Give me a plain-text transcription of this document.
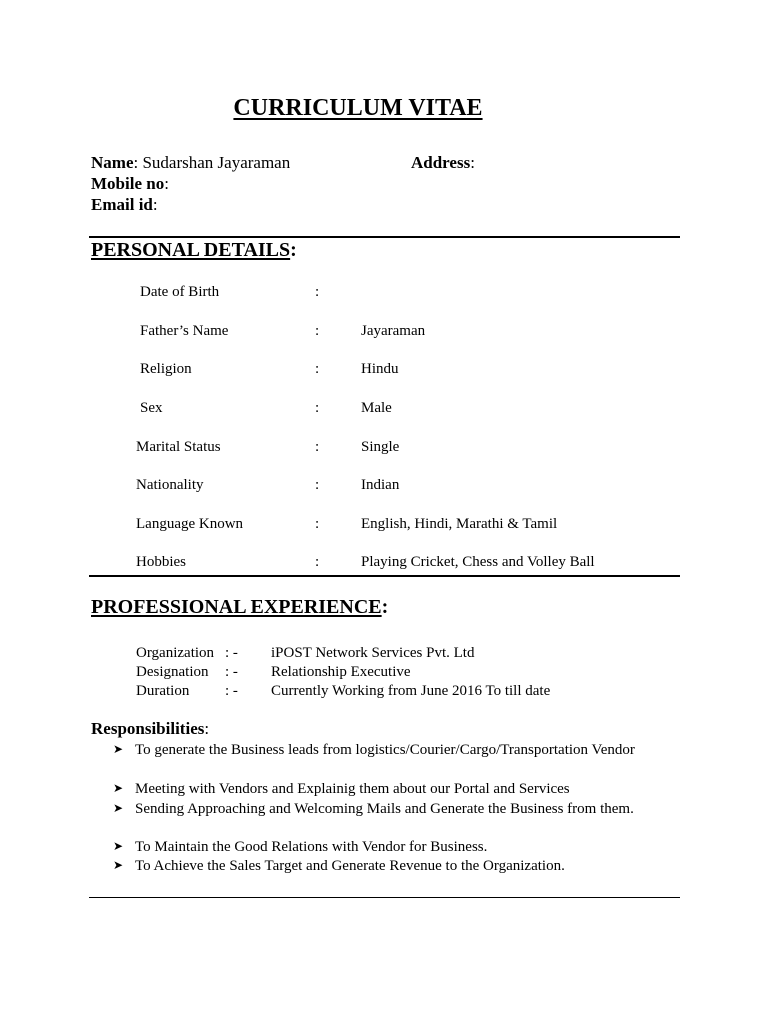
CURRICULUM VITAE
Name: Sudarshan Jayaraman	Address:
Mobile no:
Email id:
PERSONAL DETAILS:
Date of Birth	:
Father’s Name	:	Jayaraman
Religion	:	Hindu
Sex	:	Male
Marital Status	:	Single
Nationality	:	Indian
Language Known	:	English, Hindi, Marathi & Tamil
Hobbies	:	Playing Cricket, Chess and Volley Ball
PROFESSIONAL EXPERIENCE:
Organization : - iPOST Network Services Pvt. Ltd
Designation : - Relationship Executive
Duration : - Currently Working from June 2016 To till date
Responsibilities:
➤ To generate the Business leads from logistics/Courier/Cargo/Transportation Vendor
➤ Meeting with Vendors and Explainig them about our Portal and Services
➤ Sending Approaching and Welcoming Mails and Generate the Business from them.
➤ To Maintain the Good Relations with Vendor for Business.
➤ To Achieve the Sales Target and Generate Revenue to the Organization.
